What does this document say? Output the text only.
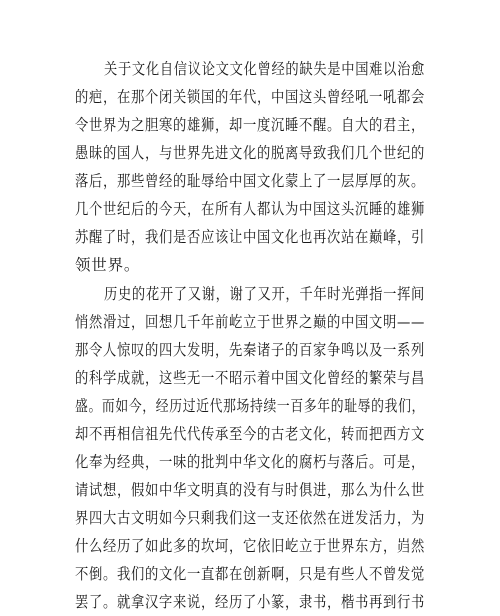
关于文化自信议论文文化曾经的缺失是中国难以治愈
的疤，在那个闭关锁国的年代，中国这头曾经吼一吼都会
令世界为之胆寒的雄狮，却一度沉睡不醒。自大的君主，
愚昧的国人，与世界先进文化的脱离导致我们几个世纪的
落后，那些曾经的耻辱给中国文化蒙上了一层厚厚的灰。
几个世纪后的今天，在所有人都认为中国这头沉睡的雄狮
苏醒了时，我们是否应该让中国文化也再次站在巅峰，引
领世界。
历史的花开了又谢，谢了又开，千年时光弹指一挥间
悄然滑过，回想几千年前屹立于世界之巅的中国文明——
那令人惊叹的四大发明，先秦诸子的百家争鸣以及一系列
的科学成就，这些无一不昭示着中国文化曾经的繁荣与昌
盛。而如今，经历过近代那场持续一百多年的耻辱的我们，
却不再相信祖先代代传承至今的古老文化，转而把西方文
化奉为经典，一味的批判中华文化的腐朽与落后。可是，
请试想，假如中华文明真的没有与时俱进，那么为什么世
界四大古文明如今只剩我们这一支还依然在迸发活力，为
什么经历了如此多的坎坷，它依旧屹立于世界东方，岿然
不倒。我们的文化一直都在创新啊，只是有些人不曾发觉
罢了。就拿汉字来说，经历了小篆，隶书，楷书再到行书
